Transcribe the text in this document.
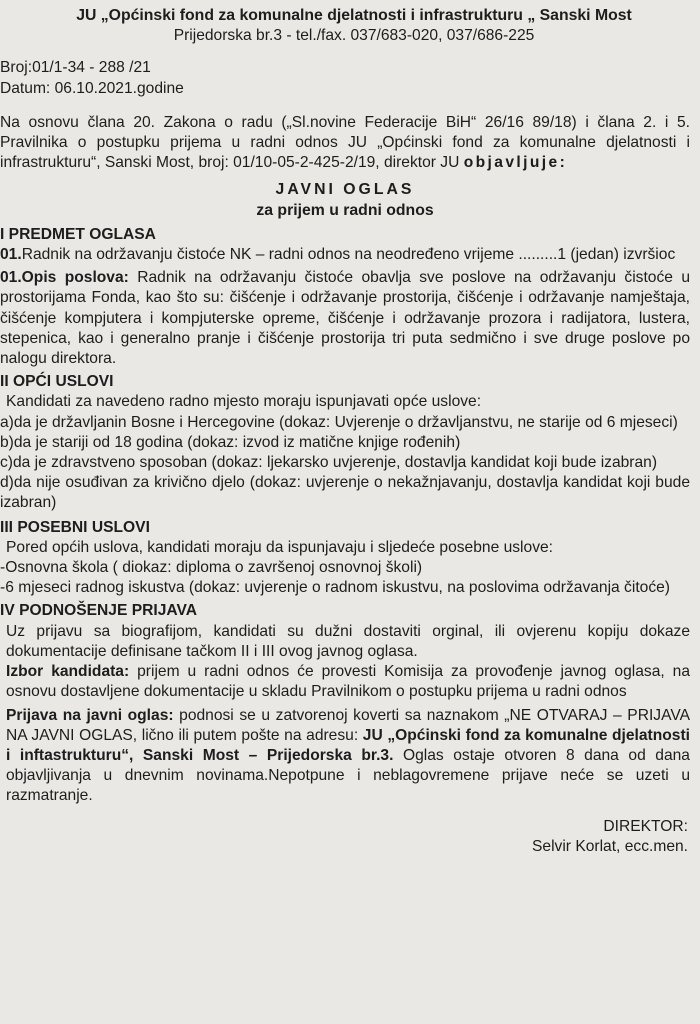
JU „Općinski fond za komunalne djelatnosti i infrastrukturu „ Sanski Most
Prijedorska br.3 - tel./fax. 037/683-020, 037/686-225
Broj:01/1-34 - 288 /21
Datum: 06.10.2021.godine
Na osnovu člana 20. Zakona o radu („Sl.novine Federacije BiH“ 26/16 89/18) i člana 2. i 5. Pravilnika o postupku prijema u radni odnos JU „Općinski fond za komunalne djelatnosti i infrastrukturu“, Sanski Most, broj: 01/10-05-2-425-2/19, direktor JU objavljuje:
JAVNI OGLAS
za prijem u radni odnos
I PREDMET OGLASA
01.Radnik na održavanju čistoće NK – radni odnos na neodređeno vrijeme .........1 (jedan) izvršioc
01.Opis poslova: Radnik na održavanju čistoće obavlja sve poslove na održavanju čistoće u prostorijama Fonda, kao što su: čišćenje i održavanje prostorija, čišćenje i održavanje namještaja, čišćenje kompjutera i kompjuterske opreme, čišćenje i održavanje prozora i radijatora, lustera, stepenica, kao i generalno pranje i čišćenje prostorija tri puta sedmično i sve druge poslove po nalogu direktora.
II OPĆI USLOVI
Kandidati za navedeno radno mjesto moraju ispunjavati opće uslove:
a)da je državljanin Bosne i Hercegovine (dokaz: Uvjerenje o državljanstvu, ne starije od 6 mjeseci)
b)da je stariji od 18 godina (dokaz: izvod iz matične knjige rođenih)
c)da je zdravstveno sposoban (dokaz: ljekarsko uvjerenje, dostavlja kandidat koji bude izabran)
d)da nije osuđivan za krivično djelo (dokaz: uvjerenje o nekažnjavanju, dostavlja kandidat koji bude izabran)
III POSEBNI USLOVI
Pored općih uslova, kandidati moraju da ispunjavaju i sljedeće posebne uslove:
-Osnovna škola ( diokaz: diploma o završenoj osnovnoj školi)
-6 mjeseci radnog iskustva (dokaz: uvjerenje o radnom iskustvu, na poslovima održavanja čitoće)
IV PODNOŠENJE PRIJAVA
Uz prijavu sa biografijom, kandidati su dužni dostaviti orginal, ili ovjerenu kopiju dokaze dokumentacije definisane tačkom II i III ovog javnog oglasa.
Izbor kandidata: prijem u radni odnos će provesti Komisija za provođenje javnog oglasa, na osnovu dostavljene dokumentacije u skladu Pravilnikom o postupku prijema u radni odnos
Prijava na javni oglas: podnosi se u zatvorenoj koverti sa naznakom „NE OTVARAJ – PRIJAVA NA JAVNI OGLAS, lično ili putem pošte na adresu: JU „Općinski fond za komunalne djelatnosti i inftastrukturu“, Sanski Most – Prijedorska br.3. Oglas ostaje otvoren 8 dana od dana objavljivanja u dnevnim novinama.Nepotpune i neblagovremene prijave neće se uzeti u razmatranje.
DIREKTOR:
Selvir Korlat, ecc.men.
